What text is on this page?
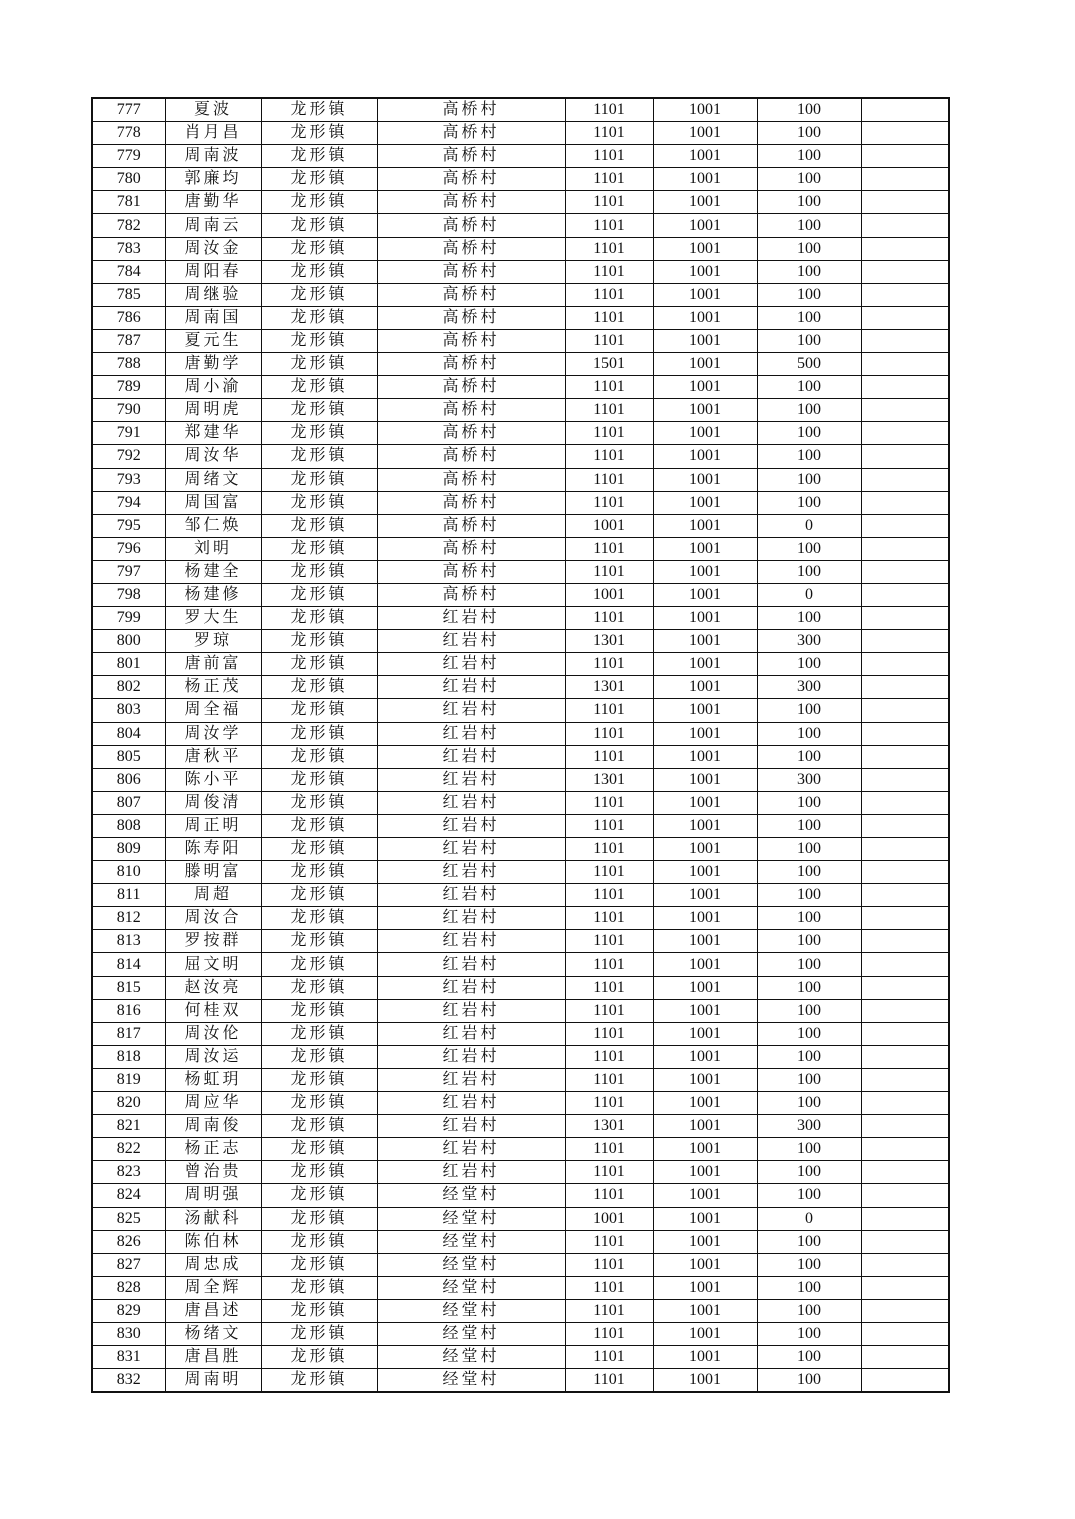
777	夏波	龙形镇	高桥村	1101	1001	100	
778	肖月昌	龙形镇	高桥村	1101	1001	100	
779	周南波	龙形镇	高桥村	1101	1001	100	
780	郭廉均	龙形镇	高桥村	1101	1001	100	
781	唐勤华	龙形镇	高桥村	1101	1001	100	
782	周南云	龙形镇	高桥村	1101	1001	100	
783	周汝金	龙形镇	高桥村	1101	1001	100	
784	周阳春	龙形镇	高桥村	1101	1001	100	
785	周继验	龙形镇	高桥村	1101	1001	100	
786	周南国	龙形镇	高桥村	1101	1001	100	
787	夏元生	龙形镇	高桥村	1101	1001	100	
788	唐勤学	龙形镇	高桥村	1501	1001	500	
789	周小渝	龙形镇	高桥村	1101	1001	100	
790	周明虎	龙形镇	高桥村	1101	1001	100	
791	郑建华	龙形镇	高桥村	1101	1001	100	
792	周汝华	龙形镇	高桥村	1101	1001	100	
793	周绪文	龙形镇	高桥村	1101	1001	100	
794	周国富	龙形镇	高桥村	1101	1001	100	
795	邹仁焕	龙形镇	高桥村	1001	1001	0	
796	刘明	龙形镇	高桥村	1101	1001	100	
797	杨建全	龙形镇	高桥村	1101	1001	100	
798	杨建修	龙形镇	高桥村	1001	1001	0	
799	罗大生	龙形镇	红岩村	1101	1001	100	
800	罗琼	龙形镇	红岩村	1301	1001	300	
801	唐前富	龙形镇	红岩村	1101	1001	100	
802	杨正茂	龙形镇	红岩村	1301	1001	300	
803	周全福	龙形镇	红岩村	1101	1001	100	
804	周汝学	龙形镇	红岩村	1101	1001	100	
805	唐秋平	龙形镇	红岩村	1101	1001	100	
806	陈小平	龙形镇	红岩村	1301	1001	300	
807	周俊清	龙形镇	红岩村	1101	1001	100	
808	周正明	龙形镇	红岩村	1101	1001	100	
809	陈寿阳	龙形镇	红岩村	1101	1001	100	
810	滕明富	龙形镇	红岩村	1101	1001	100	
811	周超	龙形镇	红岩村	1101	1001	100	
812	周汝合	龙形镇	红岩村	1101	1001	100	
813	罗按群	龙形镇	红岩村	1101	1001	100	
814	屈文明	龙形镇	红岩村	1101	1001	100	
815	赵汝亮	龙形镇	红岩村	1101	1001	100	
816	何桂双	龙形镇	红岩村	1101	1001	100	
817	周汝伦	龙形镇	红岩村	1101	1001	100	
818	周汝运	龙形镇	红岩村	1101	1001	100	
819	杨虹玥	龙形镇	红岩村	1101	1001	100	
820	周应华	龙形镇	红岩村	1101	1001	100	
821	周南俊	龙形镇	红岩村	1301	1001	300	
822	杨正志	龙形镇	红岩村	1101	1001	100	
823	曾治贵	龙形镇	红岩村	1101	1001	100	
824	周明强	龙形镇	经堂村	1101	1001	100	
825	汤献科	龙形镇	经堂村	1001	1001	0	
826	陈伯林	龙形镇	经堂村	1101	1001	100	
827	周忠成	龙形镇	经堂村	1101	1001	100	
828	周全辉	龙形镇	经堂村	1101	1001	100	
829	唐昌述	龙形镇	经堂村	1101	1001	100	
830	杨绪文	龙形镇	经堂村	1101	1001	100	
831	唐昌胜	龙形镇	经堂村	1101	1001	100	
832	周南明	龙形镇	经堂村	1101	1001	100	
